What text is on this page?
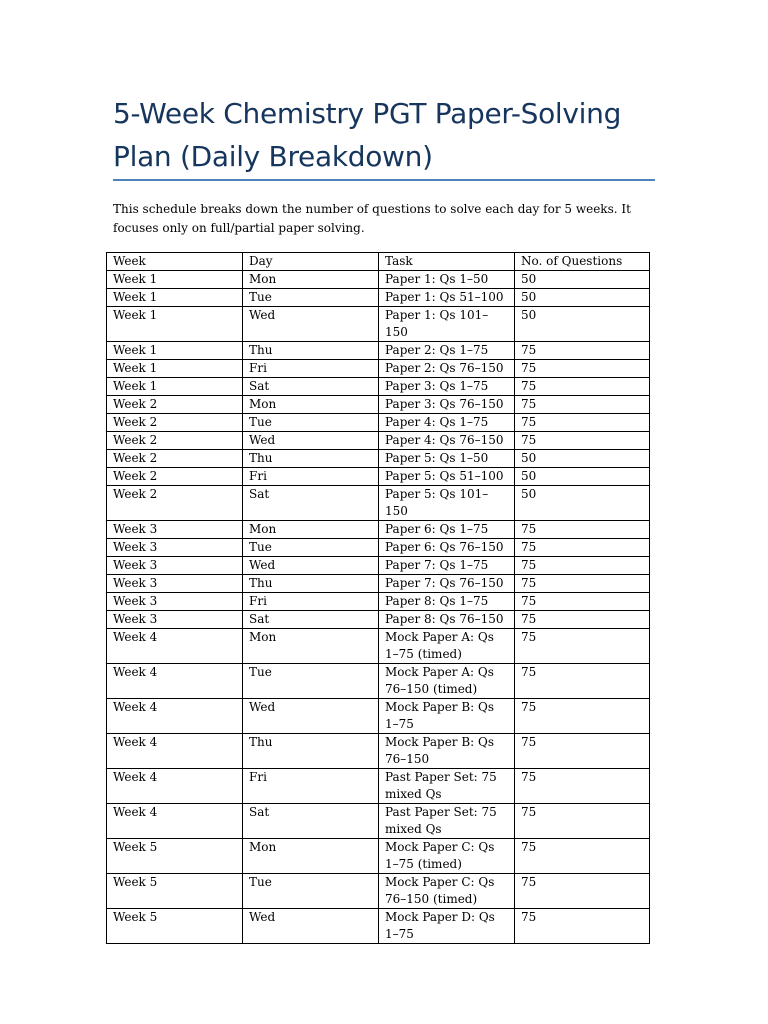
5-Week Chemistry PGT Paper-Solving Plan (Daily Breakdown)

This schedule breaks down the number of questions to solve each day for 5 weeks. It focuses only on full/partial paper solving.

Week	Day	Task	No. of Questions
Week 1	Mon	Paper 1: Qs 1–50	50
Week 1	Tue	Paper 1: Qs 51–100	50
Week 1	Wed	Paper 1: Qs 101–150	50
Week 1	Thu	Paper 2: Qs 1–75	75
Week 1	Fri	Paper 2: Qs 76–150	75
Week 1	Sat	Paper 3: Qs 1–75	75
Week 2	Mon	Paper 3: Qs 76–150	75
Week 2	Tue	Paper 4: Qs 1–75	75
Week 2	Wed	Paper 4: Qs 76–150	75
Week 2	Thu	Paper 5: Qs 1–50	50
Week 2	Fri	Paper 5: Qs 51–100	50
Week 2	Sat	Paper 5: Qs 101–150	50
Week 3	Mon	Paper 6: Qs 1–75	75
Week 3	Tue	Paper 6: Qs 76–150	75
Week 3	Wed	Paper 7: Qs 1–75	75
Week 3	Thu	Paper 7: Qs 76–150	75
Week 3	Fri	Paper 8: Qs 1–75	75
Week 3	Sat	Paper 8: Qs 76–150	75
Week 4	Mon	Mock Paper A: Qs 1–75 (timed)	75
Week 4	Tue	Mock Paper A: Qs 76–150 (timed)	75
Week 4	Wed	Mock Paper B: Qs 1–75	75
Week 4	Thu	Mock Paper B: Qs 76–150	75
Week 4	Fri	Past Paper Set: 75 mixed Qs	75
Week 4	Sat	Past Paper Set: 75 mixed Qs	75
Week 5	Mon	Mock Paper C: Qs 1–75 (timed)	75
Week 5	Tue	Mock Paper C: Qs 76–150 (timed)	75
Week 5	Wed	Mock Paper D: Qs 1–75	75
